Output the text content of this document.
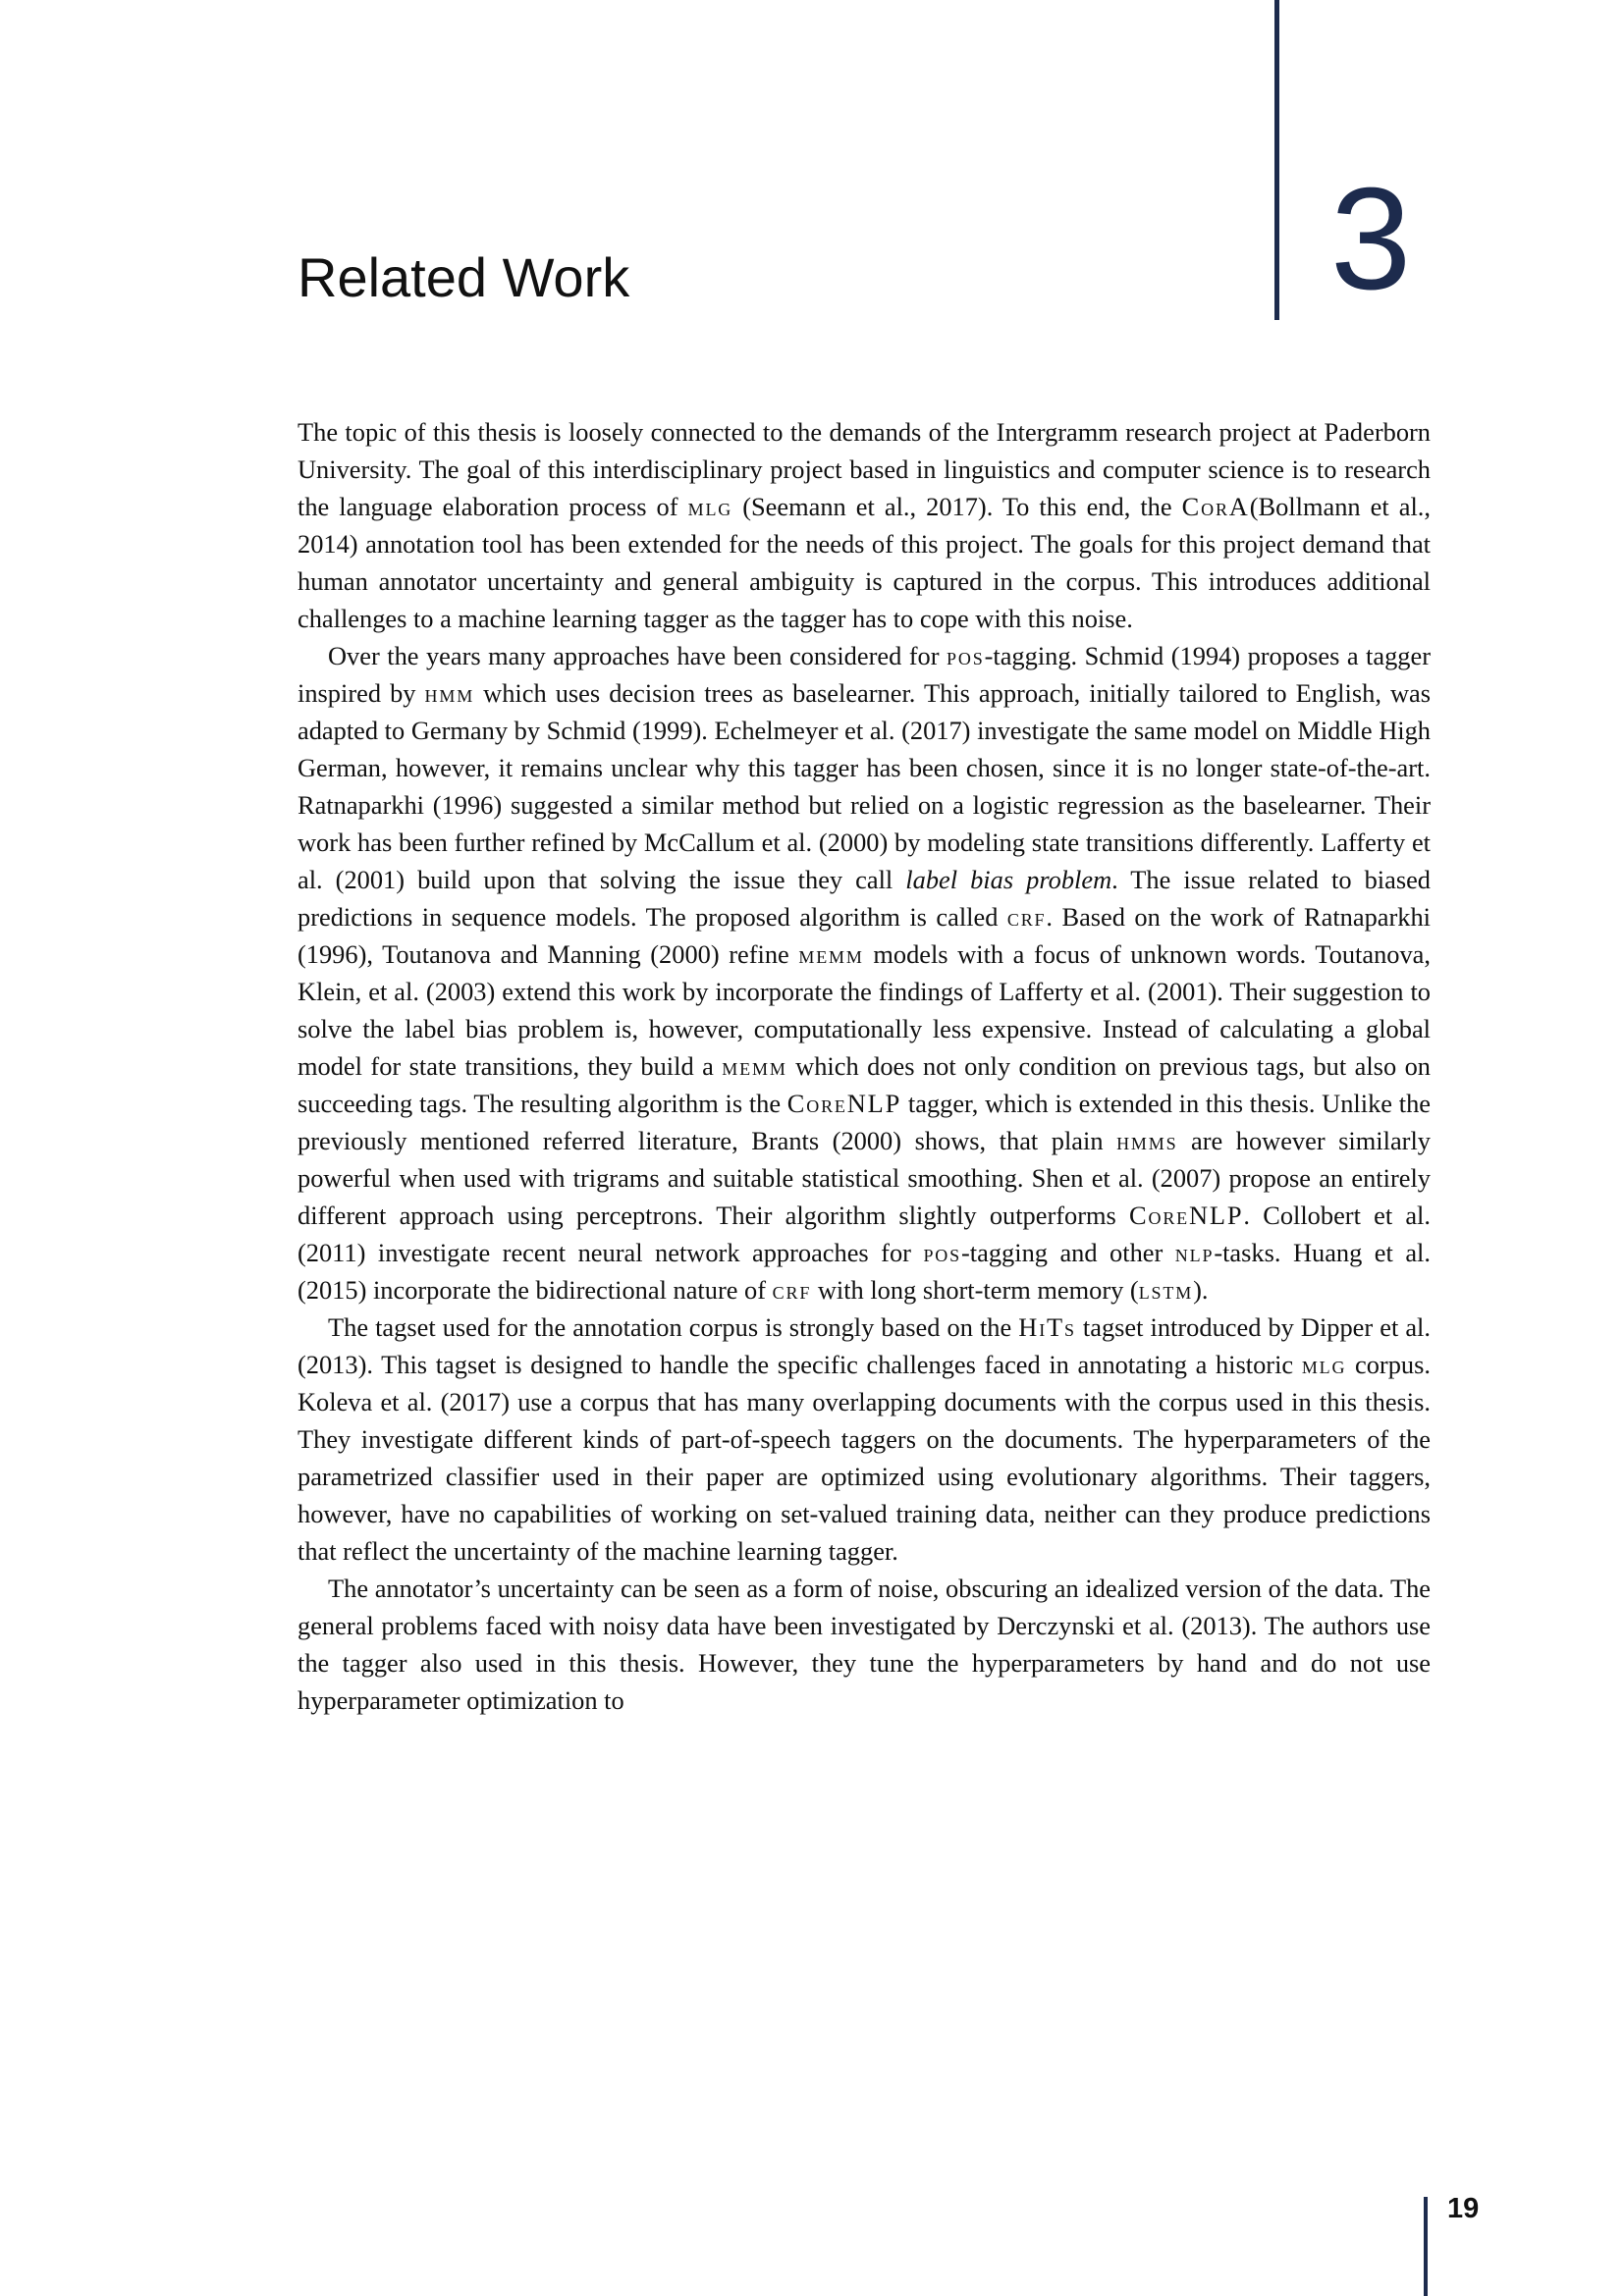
3
Related Work

The topic of this thesis is loosely connected to the demands of the Intergramm research project at Paderborn University. The goal of this interdisciplinary project based in linguistics and computer science is to research the language elaboration process of mlg (Seemann et al., 2017). To this end, the CorA(Bollmann et al., 2014) annotation tool has been extended for the needs of this project. The goals for this project demand that human annotator uncertainty and general ambiguity is captured in the corpus. This introduces additional challenges to a machine learning tagger as the tagger has to cope with this noise.

Over the years many approaches have been considered for pos-tagging. Schmid (1994) proposes a tagger inspired by hmm which uses decision trees as baselearner. This approach, initially tailored to English, was adapted to Germany by Schmid (1999). Echelmeyer et al. (2017) investigate the same model on Middle High German, however, it remains unclear why this tagger has been chosen, since it is no longer state-of-the-art. Ratnaparkhi (1996) suggested a similar method but relied on a logistic regression as the baselearner. Their work has been further refined by McCallum et al. (2000) by modeling state transitions differently. Lafferty et al. (2001) build upon that solving the issue they call label bias problem. The issue related to biased predictions in sequence models. The proposed algorithm is called crf. Based on the work of Ratnaparkhi (1996), Toutanova and Manning (2000) refine memm models with a focus of unknown words. Toutanova, Klein, et al. (2003) extend this work by incorporate the findings of Lafferty et al. (2001). Their suggestion to solve the label bias problem is, however, computationally less expensive. Instead of calculating a global model for state transitions, they build a memm which does not only condition on previous tags, but also on succeeding tags. The resulting algorithm is the CoreNLP tagger, which is extended in this thesis. Unlike the previously mentioned referred literature, Brants (2000) shows, that plain hmms are however similarly powerful when used with trigrams and suitable statistical smoothing. Shen et al. (2007) propose an entirely different approach using perceptrons. Their algorithm slightly outperforms CoreNLP. Collobert et al. (2011) investigate recent neural network approaches for pos-tagging and other nlp-tasks. Huang et al. (2015) incorporate the bidirectional nature of crf with long short-term memory (lstm).

The tagset used for the annotation corpus is strongly based on the HiTs tagset introduced by Dipper et al. (2013). This tagset is designed to handle the specific challenges faced in annotating a historic mlg corpus. Koleva et al. (2017) use a corpus that has many overlapping documents with the corpus used in this thesis. They investigate different kinds of part-of-speech taggers on the documents. The hyperparameters of the parametrized classifier used in their paper are optimized using evolutionary algorithms. Their taggers, however, have no capabilities of working on set-valued training data, neither can they produce predictions that reflect the uncertainty of the machine learning tagger.

The annotator’s uncertainty can be seen as a form of noise, obscuring an idealized version of the data. The general problems faced with noisy data have been investigated by Derczynski et al. (2013). The authors use the tagger also used in this thesis. However, they tune the hyperparameters by hand and do not use hyperparameter optimization to

19
